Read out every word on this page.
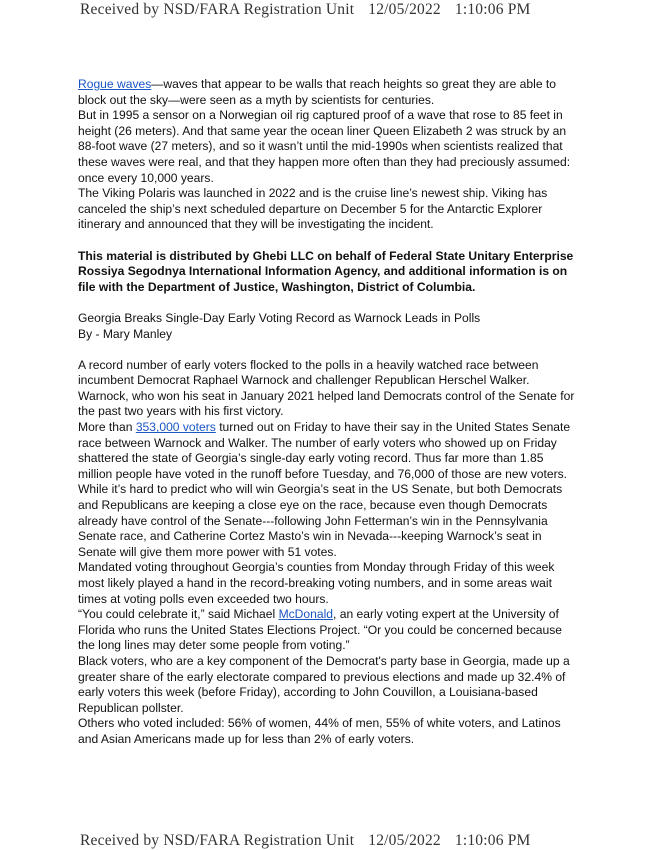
Received by NSD/FARA Registration Unit 12/05/2022 1:10:06 PM

Rogue waves—waves that appear to be walls that reach heights so great they are able to block out the sky—were seen as a myth by scientists for centuries.

But in 1995 a sensor on a Norwegian oil rig captured proof of a wave that rose to 85 feet in height (26 meters). And that same year the ocean liner Queen Elizabeth 2 was struck by an 88-foot wave (27 meters), and so it wasn’t until the mid-1990s when scientists realized that these waves were real, and that they happen more often than they had preciously assumed: once every 10,000 years.

The Viking Polaris was launched in 2022 and is the cruise line’s newest ship. Viking has canceled the ship’s next scheduled departure on December 5 for the Antarctic Explorer itinerary and announced that they will be investigating the incident.

This material is distributed by Ghebi LLC on behalf of Federal State Unitary Enterprise Rossiya Segodnya International Information Agency, and additional information is on file with the Department of Justice, Washington, District of Columbia.

Georgia Breaks Single-Day Early Voting Record as Warnock Leads in Polls

By - Mary Manley

A record number of early voters flocked to the polls in a heavily watched race between incumbent Democrat Raphael Warnock and challenger Republican Herschel Walker. Warnock, who won his seat in January 2021 helped land Democrats control of the Senate for the past two years with his first victory.

More than 353,000 voters turned out on Friday to have their say in the United States Senate race between Warnock and Walker. The number of early voters who showed up on Friday shattered the state of Georgia’s single-day early voting record. Thus far more than 1.85 million people have voted in the runoff before Tuesday, and 76,000 of those are new voters.

While it’s hard to predict who will win Georgia’s seat in the US Senate, but both Democrats and Republicans are keeping a close eye on the race, because even though Democrats already have control of the Senate---following John Fetterman’s win in the Pennsylvania Senate race, and Catherine Cortez Masto’s win in Nevada---keeping Warnock’s seat in Senate will give them more power with 51 votes.

Mandated voting throughout Georgia’s counties from Monday through Friday of this week most likely played a hand in the record-breaking voting numbers, and in some areas wait times at voting polls even exceeded two hours.

“You could celebrate it,” said Michael McDonald, an early voting expert at the University of Florida who runs the United States Elections Project. “Or you could be concerned because the long lines may deter some people from voting.”

Black voters, who are a key component of the Democrat's party base in Georgia, made up a greater share of the early electorate compared to previous elections and made up 32.4% of early voters this week (before Friday), according to John Couvillon, a Louisiana-based Republican pollster.

Others who voted included: 56% of women, 44% of men, 55% of white voters, and Latinos and Asian Americans made up for less than 2% of early voters.

Received by NSD/FARA Registration Unit 12/05/2022 1:10:06 PM
